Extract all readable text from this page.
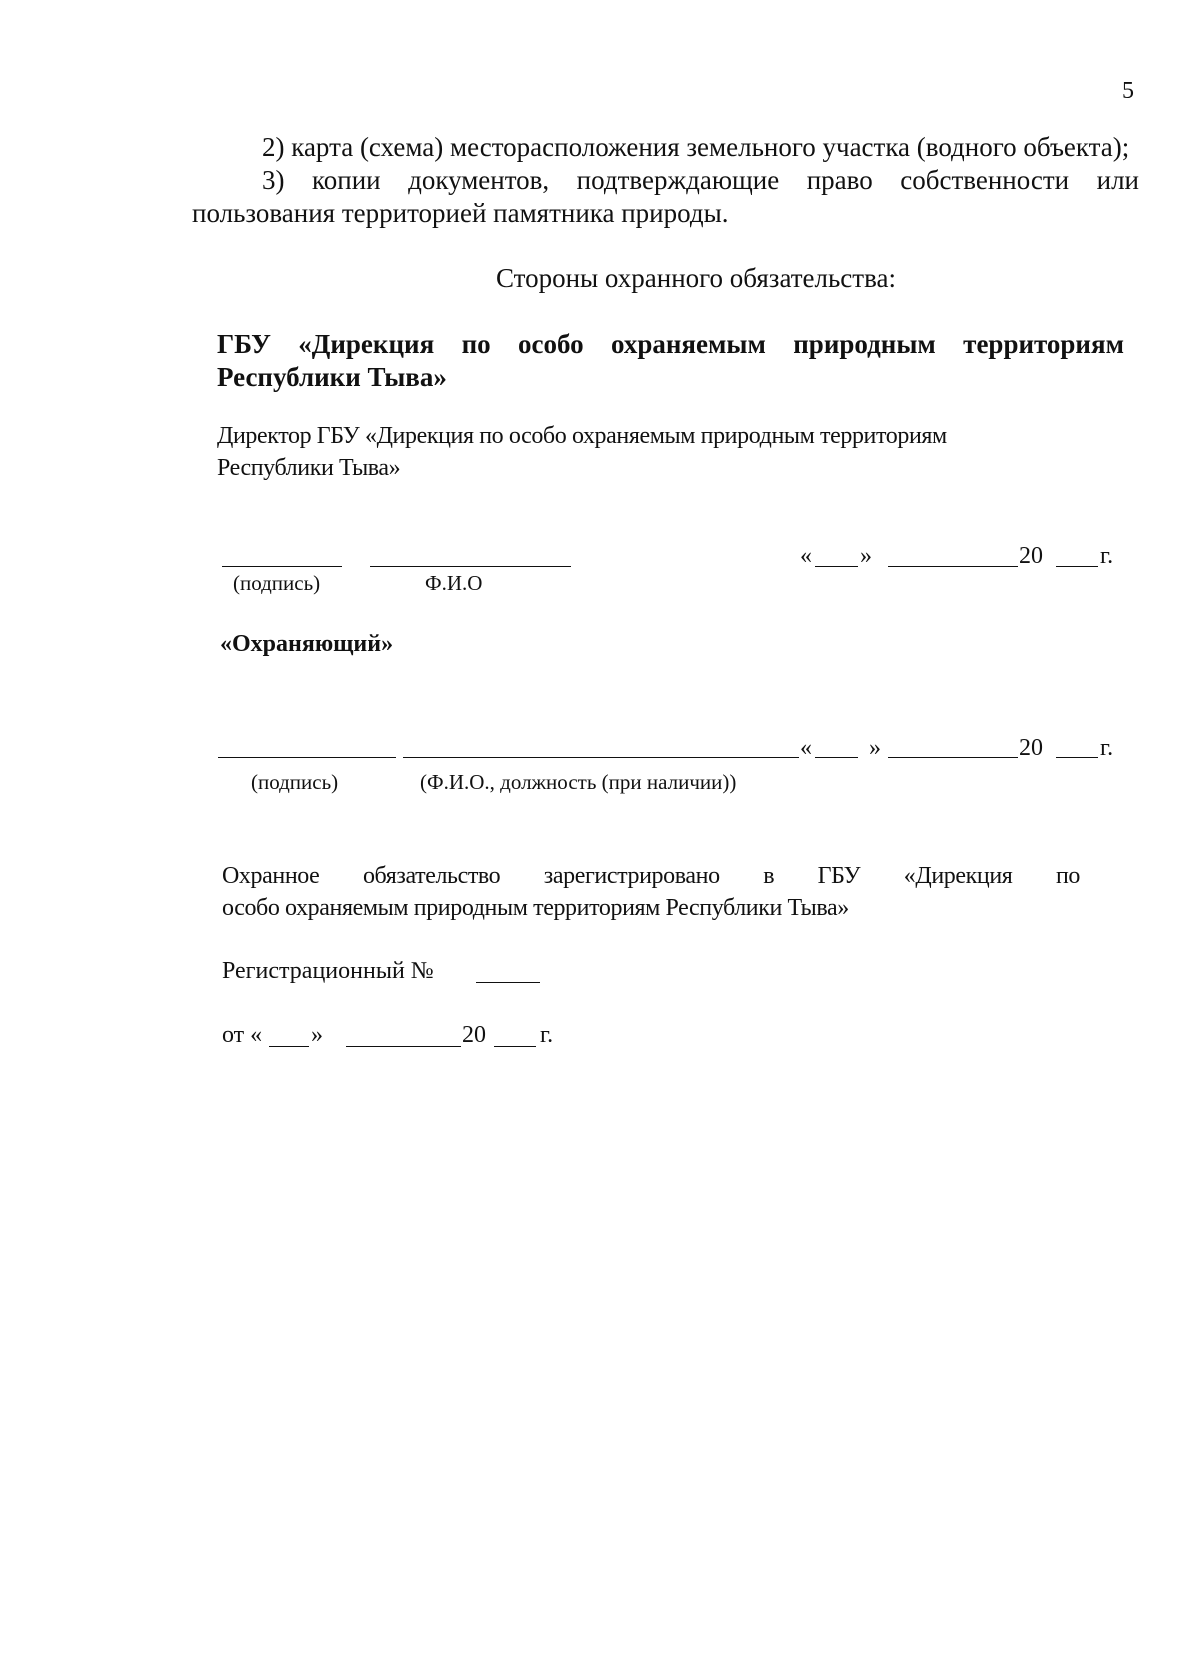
5
2) карта (схема) месторасположения земельного участка (водного объекта);
3) копии документов, подтверждающие право собственности или
пользования территорией памятника природы.
Стороны охранного обязательства:
ГБУ «Дирекция по особо охраняемым природным территориям
Республики Тыва»
Директор ГБУ «Дирекция по особо охраняемым природным территориям
Республики Тыва»
(подпись)	Ф.И.О
« »	20 г.
«Охраняющий»
(подпись)	(Ф.И.О., должность (при наличии))
« »	20 г.
Охранное обязательство зарегистрировано в ГБУ «Дирекция по
особо охраняемым природным территориям Республики Тыва»
Регистрационный №
от « »	20 г.
